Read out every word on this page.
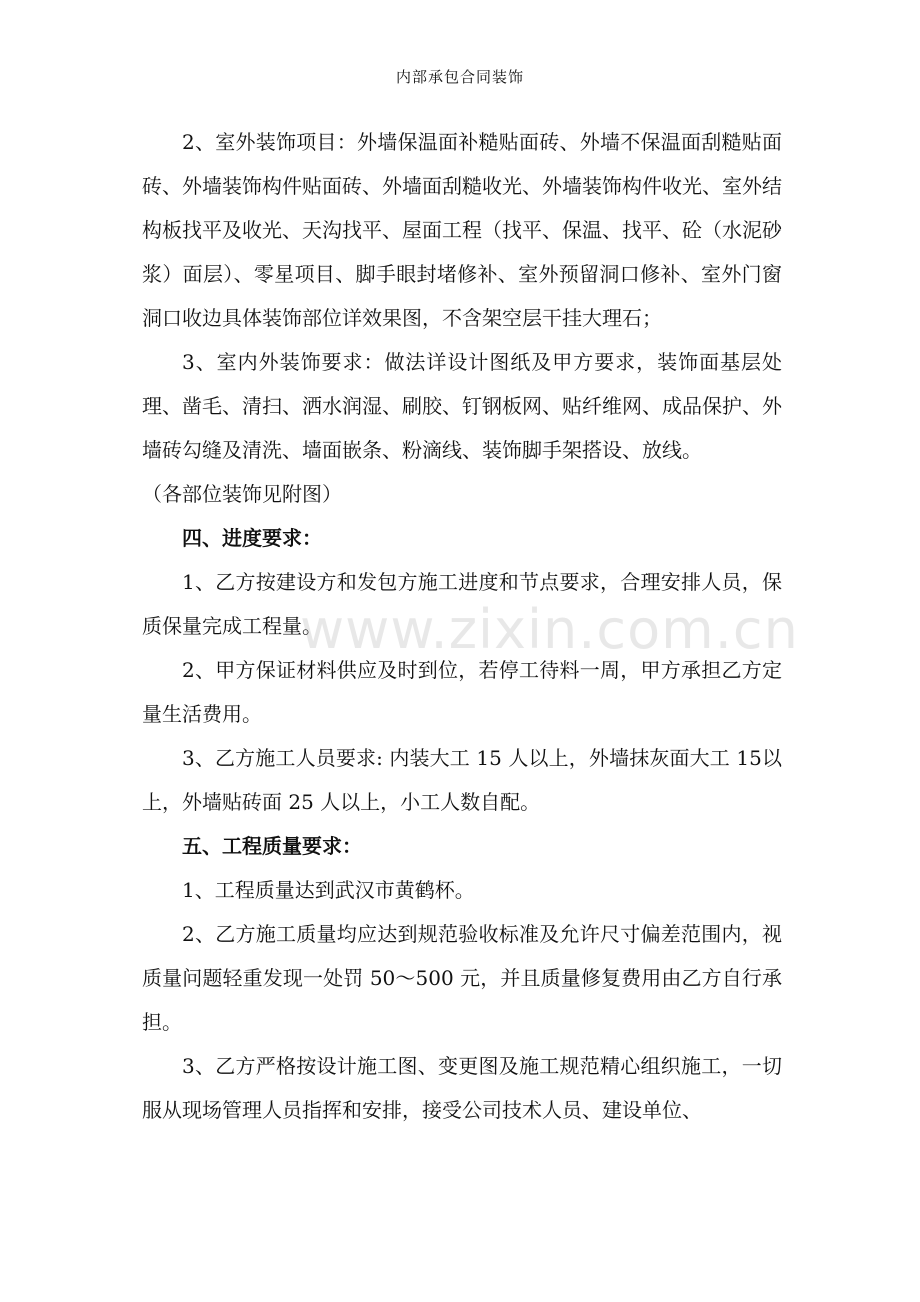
内部承包合同装饰

2、室外装饰项目：外墙保温面补糙贴面砖、外墙不保温面刮糙贴面砖、外墙装饰构件贴面砖、外墙面刮糙收光、外墙装饰构件收光、室外结构板找平及收光、天沟找平、屋面工程（找平、保温、找平、砼（水泥砂浆）面层）、零星项目、脚手眼封堵修补、室外预留洞口修补、室外门窗洞口收边具体装饰部位详效果图，不含架空层干挂大理石；

3、室内外装饰要求：做法详设计图纸及甲方要求，装饰面基层处理、凿毛、清扫、洒水润湿、刷胶、钉钢板网、贴纤维网、成品保护、外墙砖勾缝及清洗、墙面嵌条、粉滴线、装饰脚手架搭设、放线。

（各部位装饰见附图）

四、进度要求：

1、乙方按建设方和发包方施工进度和节点要求，合理安排人员，保质保量完成工程量。

2、甲方保证材料供应及时到位，若停工待料一周，甲方承担乙方定量生活费用。

3、乙方施工人员要求: 内装大工 15 人以上，外墙抹灰面大工 15以上，外墙贴砖面 25 人以上，小工人数自配。

五、工程质量要求：

1、工程质量达到武汉市黄鹤杯。

2、乙方施工质量均应达到规范验收标准及允许尺寸偏差范围内，视质量问题轻重发现一处罚 50～500 元，并且质量修复费用由乙方自行承担。

3、乙方严格按设计施工图、变更图及施工规范精心组织施工，一切服从现场管理人员指挥和安排，接受公司技术人员、建设单位、

www.zixin.com.cn
